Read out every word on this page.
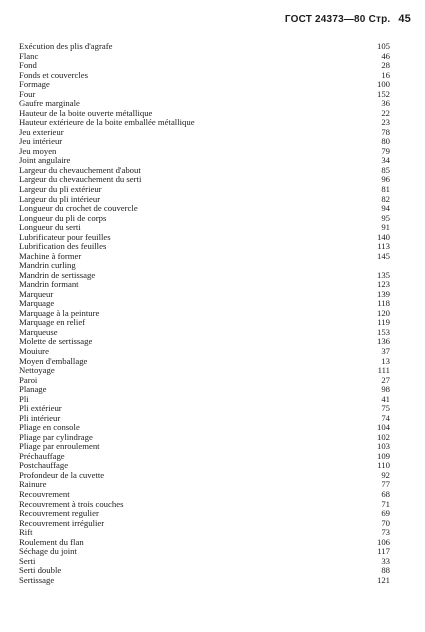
ГОСТ 24373—80 Стр. 45
Exécution des plis d'agrafe	105
Flanc	46
Fond	28
Fonds et couvercles	16
Formage	100
Four	152
Gaufre marginale	36
Hauteur de la boite ouverte métallique	22
Hauteur extérieure de la boite emballée métallique	23
Jeu exterieur	78
Jeu intérieur	80
Jeu moyen	79
Joint angulaire	34
Largeur du chevauchement d'about	85
Largeur du chevauchement du serti	96
Largeur du pli extérieur	81
Largeur du pli intérieur	82
Longueur du crochet de couvercle	94
Longueur du pli de corps	95
Longueur du serti	91
Lubrificateur pour feuilles	140
Lubrification des feuilles	113
Machine à former	145
Mandrin curling
Mandrin de sertissage	135
Mandrin formant	123
Marqueur	139
Marquage	118
Marquage à la peinture	120
Marquage en relief	119
Marqueuse	153
Molette de sertissage	136
Mouiure	37
Moyen d'emballage	13
Nettoyage	111
Paroi	27
Planage	98
Pli	41
Pli extérieur	75
Pli intérieur	74
Pliage en console	104
Pliage par cylindrage	102
Pliage par enroulement	103
Préchauffage	109
Postchauffage	110
Profondeur de la cuvette	92
Rainure	77
Recouvrement	68
Recouvrement à trois couches	71
Recouvrement regulier	69
Recouvrement irrégulier	70
Rift	73
Roulement du flan	106
Séchage du joint	117
Serti	33
Serti double	88
Sertissage	121
